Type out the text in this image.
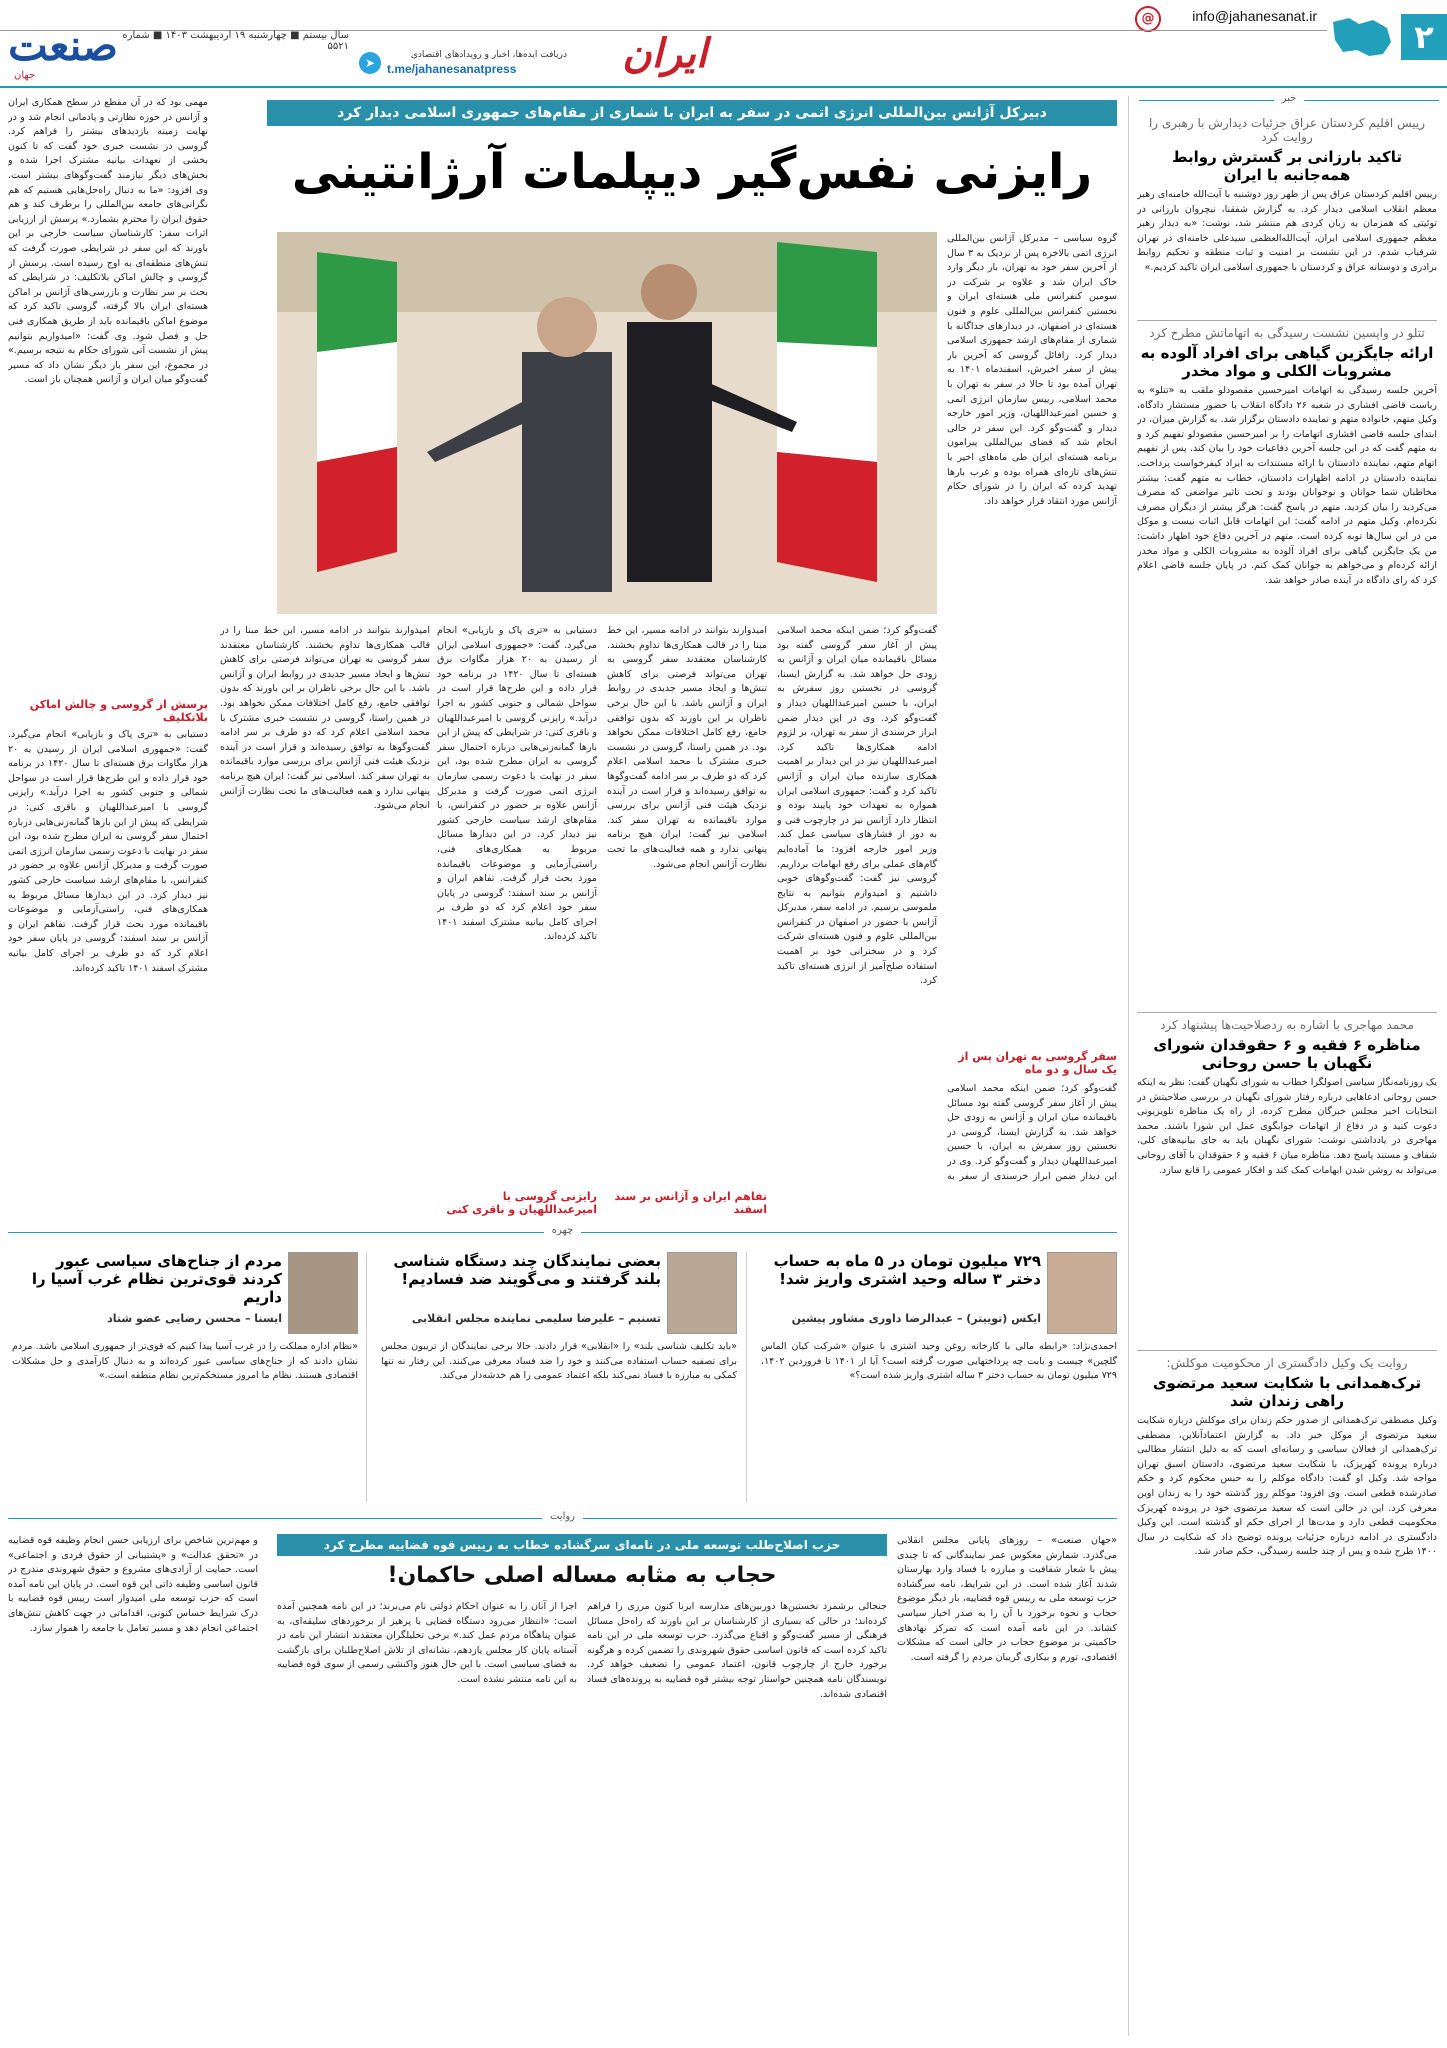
۲
@	info@jahanesanat.ir
ایران
دریافت ایده‌ها، اخبار و رویدادهای اقتصادی
t.me/jahanesanatpress
➤
سال بیستم ■ چهارشنبه ۱۹ اردیبهشت ۱۴۰۳ ■ شماره ۵۵۲۱
صنعت
جهان
خبر
رییس اقلیم کردستان عراق جزئیات دیدارش با رهبری را روایت کرد
تاکید بارزانی بر گسترش روابط همه‌جانبه با ایران
رییس اقلیم کردستان عراق پس از ظهر روز دوشنبه با آیت‌الله خامنه‌ای رهبر معظم انقلاب اسلامی دیدار کرد. به گزارش شفقنا، نیچروان بارزانی در توئیتی که همزمان به زبان کردی هم منتشر شد، نوشت: «به دیدار رهبر معظم جمهوری اسلامی ایران، آیت‌الله‌العظمی سیدعلی خامنه‌ای در تهران شرفیاب شدم. در این نشست بر امنیت و ثبات منطقه و تحکیم روابط برادری و دوستانه عراق و کردستان با جمهوری اسلامی ایران تاکید کردیم.»
تتلو در واپسین نشست رسیدگی به اتهاماتش مطرح کرد
ارائه جایگزین گیاهی برای افراد آلوده به مشروبات الکلی و مواد مخدر
آخرین جلسه رسیدگی به اتهامات امیرحسین مقصودلو ملقب به «تتلو» به ریاست قاضی افشاری در شعبه ۲۶ دادگاه انقلاب با حضور مستشار دادگاه، وکیل متهم، خانواده متهم و نماینده دادستان برگزار شد. به گزارش میزان، در ابتدای جلسه قاضی افشاری اتهامات را بر امیرحسین مقصودلو تفهیم کرد و به متهم گفت که در این جلسه آخرین دفاعیات خود را بیان کند. پس از تفهیم اتهام متهم، نماینده دادستان با ارائه مستندات به ایراد کیفرخواست پرداخت. نماینده دادستان در ادامه اظهارات دادستان، خطاب به متهم گفت: بیشتر مخاطبان شما جوانان و نوجوانان بودند و تحت تاثیر مواضعی که مصرف می‌کردید را بیان کردید. متهم در پاسخ گفت: هرگز بیشتر از دیگران مصرف نکرده‌ام. وکیل متهم در ادامه گفت: این اتهامات قابل اثبات نیست و موکل من در این سال‌ها توبه کرده است. متهم در آخرین دفاع خود اظهار داشت: من یک جایگزین گیاهی برای افراد آلوده به مشروبات الکلی و مواد مخدر ارائه کرده‌ام و می‌خواهم به جوانان کمک کنم. در پایان جلسه قاضی اعلام کرد که رای دادگاه در آینده صادر خواهد شد.
محمد مهاجری با اشاره به ردصلاحیت‌ها پیشنهاد کرد
مناظره ۶ فقیه و ۶ حقوقدان شورای نگهبان با حسن روحانی
یک روزنامه‌نگار سیاسی اصولگرا خطاب به شورای نگهبان گفت: نظر به اینکه حسن روحانی ادعاهایی درباره رفتار شورای نگهبان در بررسی صلاحیتش در انتخابات اخیر مجلس خبرگان مطرح کرده، از راه یک مناظره تلویزیونی دعوت کنید و در دفاع از اتهامات جوابگوی عمل این شورا باشند. محمد مهاجری در یادداشتی نوشت: شورای نگهبان باید به جای بیانیه‌های کلی، شفاف و مستند پاسخ دهد. مناظره میان ۶ فقیه و ۶ حقوقدان با آقای روحانی می‌تواند به روشن شدن ابهامات کمک کند و افکار عمومی را قانع سازد.
روایت یک وکیل دادگستری از محکومیت موکلش:
ترک‌همدانی با شکایت سعید مرتضوی راهی زندان شد
وکیل مصطفی ترک‌همدانی از صدور حکم زندان برای موکلش درباره شکایت سعید مرتضوی از موکل خبر داد. به گزارش اعتمادآنلاین، مصطفی ترک‌همدانی از فعالان سیاسی و رسانه‌ای است که به دلیل انتشار مطالبی درباره پرونده کهریزک، با شکایت سعید مرتضوی، دادستان اسبق تهران مواجه شد. وکیل او گفت: دادگاه موکلم را به حبس محکوم کرد و حکم صادرشده قطعی است. وی افزود: موکلم روز گذشته خود را به زندان اوین معرفی کرد. این در حالی است که سعید مرتضوی خود در پرونده کهریزک محکومیت قطعی دارد و مدت‌ها از اجرای حکم او گذشته است. این وکیل دادگستری در ادامه درباره جزئیات پرونده توضیح داد که شکایت در سال ۱۴۰۰ طرح شده و پس از چند جلسه رسیدگی، حکم صادر شد.
دبیرکل آژانس بین‌المللی انرژی اتمی در سفر به ایران با شماری از مقام‌های جمهوری اسلامی دیدار کرد
رایزنی نفس‌گیر دیپلمات آرژانتینی
گروه سیاسی – مدیرکل آژانس بین‌المللی انرژی اتمی بالاخره پس از نزدیک به ۳ سال از آخرین سفر خود به تهران، بار دیگر وارد خاک ایران شد و علاوه بر شرکت در سومین کنفرانس ملی هسته‌ای ایران و نخستین کنفرانس بین‌المللی علوم و فنون هسته‌ای در اصفهان، در دیدارهای جداگانه با شماری از مقام‌های ارشد جمهوری اسلامی دیدار کرد. رافائل گروسی که آخرین بار پیش از سفر اخیرش، اسفندماه ۱۴۰۱ به تهران آمده بود تا حالا در سفر به تهران با محمد اسلامی، رییس سازمان انرژی اتمی و حسین امیرعبداللهیان، وزیر امور خارجه دیدار و گفت‌وگو کرد. این سفر در حالی انجام شد که فضای بین‌المللی پیرامون برنامه هسته‌ای ایران طی ماه‌های اخیر با تنش‌های تازه‌ای همراه بوده و غرب بارها تهدید کرده که ایران را در شورای حکام آژانس مورد انتقاد قرار خواهد داد.
گفت‌وگو کرد؛ ضمن اینکه محمد اسلامی پیش از آغاز سفر گروسی گفته بود مسائل باقیمانده میان ایران و آژانس به زودی حل خواهد شد. به گزارش ایسنا، گروسی در نخستین روز سفرش به ایران، با حسین امیرعبداللهیان دیدار و گفت‌وگو کرد. وی در این دیدار ضمن ابراز خرسندی از سفر به تهران، بر لزوم ادامه همکاری‌ها تاکید کرد. امیرعبداللهیان نیز در این دیدار بر اهمیت همکاری سازنده میان ایران و آژانس تاکید کرد و گفت: جمهوری اسلامی ایران همواره به تعهدات خود پایبند بوده و انتظار دارد آژانس نیز در چارچوب فنی و به دور از فشارهای سیاسی عمل کند. وزیر امور خارجه افزود: ما آماده‌ایم گام‌های عملی برای رفع ابهامات برداریم. گروسی نیز گفت: گفت‌وگوهای خوبی داشتیم و امیدوارم بتوانیم به نتایج ملموسی برسیم. در ادامه سفر، مدیرکل آژانس با حضور در اصفهان در کنفرانس بین‌المللی علوم و فنون هسته‌ای شرکت کرد و در سخنرانی خود بر اهمیت استفاده صلح‌آمیز از انرژی هسته‌ای تاکید کرد.
امیدوارند بتوانند در ادامه مسیر، این خط مبنا را در قالب همکاری‌ها تداوم بخشند. کارشناسان معتقدند سفر گروسی به تهران می‌تواند فرصتی برای کاهش تنش‌ها و ایجاد مسیر جدیدی در روابط ایران و آژانس باشد. با این حال برخی ناظران بر این باورند که بدون توافقی جامع، رفع کامل اختلافات ممکن نخواهد بود. در همین راستا، گروسی در نشست خبری مشترک با محمد اسلامی اعلام کرد که دو طرف بر سر ادامه گفت‌وگوها به توافق رسیده‌اند و قرار است در آینده نزدیک هیئت فنی آژانس برای بررسی موارد باقیمانده به تهران سفر کند. اسلامی نیز گفت: ایران هیچ برنامه پنهانی ندارد و همه فعالیت‌های ما تحت نظارت آژانس انجام می‌شود.
دستیابی به «تری پاک و بازیابی» انجام می‌گیرد. گفت: «جمهوری اسلامی ایران از رسیدن به ۲۰ هزار مگاوات برق هسته‌ای تا سال ۱۴۲۰ در برنامه خود قرار داده و این طرح‌ها قرار است در سواحل شمالی و جنوبی کشور به اجرا درآید.» رایزنی گروسی با امیرعبداللهیان و باقری کنی: در شرایطی که پیش از این بارها گمانه‌زنی‌هایی درباره احتمال سفر گروسی به ایران مطرح شده بود، این سفر در نهایت با دعوت رسمی سازمان انرژی اتمی صورت گرفت و مدیرکل آژانس علاوه بر حضور در کنفرانس، با مقام‌های ارشد سیاست خارجی کشور نیز دیدار کرد. در این دیدارها مسائل مربوط به همکاری‌های فنی، راستی‌آزمایی و موضوعات باقیمانده مورد بحث قرار گرفت. تفاهم ایران و آژانس بر سند اسفند: گروسی در پایان سفر خود اعلام کرد که دو طرف بر اجرای کامل بیانیه مشترک اسفند ۱۴۰۱ تاکید کرده‌اند.
سفر گروسی به تهران پس از یک سال و دو ماه
گفت‌وگو کرد؛ ضمن اینکه محمد اسلامی پیش از آغاز سفر گروسی گفته بود مسائل باقیمانده میان ایران و آژانس به زودی حل خواهد شد. به گزارش ایسنا، گروسی در نخستین روز سفرش به ایران، با حسین امیرعبداللهیان دیدار و گفت‌وگو کرد. وی در این دیدار ضمن ابراز خرسندی از سفر به
رایزنی گروسی با امیرعبداللهیان و باقری کنی
تفاهم ایران و آژانس بر سند اسفند
مهمی بود که در آن مقطع در سطح همکاری ایران و آژانس در حوزه نظارتی و پادمانی انجام شد و در نهایت زمینه بازدیدهای بیشتر را فراهم کرد. گروسی در نشست خبری خود گفت که تا کنون بخشی از تعهدات بیانیه مشترک اجرا شده و بخش‌های دیگر نیازمند گفت‌وگوهای بیشتر است. وی افزود: «ما به دنبال راه‌حل‌هایی هستیم که هم نگرانی‌های جامعه بین‌المللی را برطرف کند و هم حقوق ایران را محترم بشمارد.» پرسش از ارزیابی اثرات سفر: کارشناسان سیاست خارجی بر این باورند که این سفر در شرایطی صورت گرفت که تنش‌های منطقه‌ای به اوج رسیده است. پرسش از گروسی و چالش اماکن بلاتکلیف: در شرایطی که بحث بر سر نظارت و بازرسی‌های آژانس بر اماکن هسته‌ای ایران بالا گرفته، گروسی تاکید کرد که موضوع اماکن باقیمانده باید از طریق همکاری فنی حل و فصل شود. وی گفت: «امیدواریم بتوانیم پیش از نشست آتی شورای حکام به نتیجه برسیم.» در مجموع، این سفر بار دیگر نشان داد که مسیر گفت‌وگو میان ایران و آژانس همچنان باز است.
پرسش از گروسی و چالش اماکن بلاتکلیف
دستیابی به «تری پاک و بازیابی» انجام می‌گیرد. گفت: «جمهوری اسلامی ایران از رسیدن به ۲۰ هزار مگاوات برق هسته‌ای تا سال ۱۴۲۰ در برنامه خود قرار داده و این طرح‌ها قرار است در سواحل شمالی و جنوبی کشور به اجرا درآید.» رایزنی گروسی با امیرعبداللهیان و باقری کنی: در شرایطی که پیش از این بارها گمانه‌زنی‌هایی درباره احتمال سفر گروسی به ایران مطرح شده بود، این سفر در نهایت با دعوت رسمی سازمان انرژی اتمی صورت گرفت و مدیرکل آژانس علاوه بر حضور در کنفرانس، با مقام‌های ارشد سیاست خارجی کشور نیز دیدار کرد. در این دیدارها مسائل مربوط به همکاری‌های فنی، راستی‌آزمایی و موضوعات باقیمانده مورد بحث قرار گرفت. تفاهم ایران و آژانس بر سند اسفند: گروسی در پایان سفر خود اعلام کرد که دو طرف بر اجرای کامل بیانیه مشترک اسفند ۱۴۰۱ تاکید کرده‌اند.
امیدوارند بتوانند در ادامه مسیر، این خط مبنا را در قالب همکاری‌ها تداوم بخشند. کارشناسان معتقدند سفر گروسی به تهران می‌تواند فرصتی برای کاهش تنش‌ها و ایجاد مسیر جدیدی در روابط ایران و آژانس باشد. با این حال برخی ناظران بر این باورند که بدون توافقی جامع، رفع کامل اختلافات ممکن نخواهد بود. در همین راستا، گروسی در نشست خبری مشترک با محمد اسلامی اعلام کرد که دو طرف بر سر ادامه گفت‌وگوها به توافق رسیده‌اند و قرار است در آینده نزدیک هیئت فنی آژانس برای بررسی موارد باقیمانده به تهران سفر کند. اسلامی نیز گفت: ایران هیچ برنامه پنهانی ندارد و همه فعالیت‌های ما تحت نظارت آژانس انجام می‌شود.
چهره
۷۲۹ میلیون تومان در ۵ ماه به حساب دختر ۳ ساله وحید اشتری واریز شد!
ایکس (توییتر) – عبدالرضا داوری مشاور پیشین
احمدی‌نژاد: «رابطه مالی با کارخانه روغن وحید اشتری با عنوان «شرکت کیان الماس گلچین» چیست و بابت چه پرداختهایی صورت گرفته است؟ آیا از ۱۴۰۱ تا فروردین ۱۴۰۲، ۷۲۹ میلیون تومان به حساب دختر ۳ ساله اشتری واریز شده است؟»
بعضی نمایندگان چند دستگاه شناسی بلند گرفتند و می‌گویند ضد فسادیم!
تسنیم – علیرضا سلیمی نماینده مجلس انقلابی
«باید تکلیف شناسی بلند» را «انقلابی» قرار دادند. حالا برخی نمایندگان از تریبون مجلس برای تصفیه حساب استفاده می‌کنند و خود را ضد فساد معرفی می‌کنند. این رفتار نه تنها کمکی به مبارزه با فساد نمی‌کند بلکه اعتماد عمومی را هم خدشه‌دار می‌کند.
مردم از جناح‌های سیاسی عبور کردند قوی‌ترین نظام غرب آسیا را داریم
ایسنا – محسن رضایی عضو شتاد
«نظام اداره مملکت را در غرب آسیا پیدا کنیم که قوی‌تر از جمهوری اسلامی باشد. مردم نشان دادند که از جناح‌های سیاسی عبور کرده‌اند و به دنبال کارآمدی و حل مشکلات اقتصادی هستند. نظام ما امروز مستحکم‌ترین نظام منطقه است.»
روایت
حزب اصلاح‌طلب توسعه ملی در نامه‌ای سرگشاده خطاب به رییس قوه قضاییه مطرح کرد
حجاب به مثابه مساله اصلی حاکمان!
«جهان صنعت» – روزهای پایانی مجلس انقلابی می‌گذرد. شمارش معکوس عمر نمایندگانی که تا چندی پیش با شعار شفافیت و مبارزه با فساد وارد بهارستان شدند آغاز شده است. در این شرایط، نامه سرگشاده حزب توسعه ملی به رییس قوه قضاییه، بار دیگر موضوع حجاب و نحوه برخورد با آن را به صدر اخبار سیاسی کشاند. در این نامه آمده است که تمرکز نهادهای حاکمیتی بر موضوع حجاب در حالی است که مشکلات اقتصادی، تورم و بیکاری گریبان مردم را گرفته است.
جنجالی برشمرد نخستین‌ها دوربین‌های مدارسه ایرنا کنون مرزی را فراهم کرده‌اند؛ در حالی که بسیاری از کارشناسان بر این باورند که راه‌حل مسائل فرهنگی از مسیر گفت‌وگو و اقناع می‌گذرد. حزب توسعه ملی در این نامه تاکید کرده است که قانون اساسی حقوق شهروندی را تضمین کرده و هرگونه برخورد خارج از چارچوب قانون، اعتماد عمومی را تضعیف خواهد کرد. نویسندگان نامه همچنین خواستار توجه بیشتر قوه قضاییه به پرونده‌های فساد اقتصادی شده‌اند.
اجرا از آنان را به عنوان احکام دولتی نام می‌برند؛ در این نامه همچنین آمده است: «انتظار می‌رود دستگاه قضایی با پرهیز از برخوردهای سلیقه‌ای، به عنوان پناهگاه مردم عمل کند.» برخی تحلیلگران معتقدند انتشار این نامه در آستانه پایان کار مجلس یازدهم، نشانه‌ای از تلاش اصلاح‌طلبان برای بازگشت به فضای سیاسی است. با این حال هنوز واکنشی رسمی از سوی قوه قضاییه به این نامه منتشر نشده است.
و مهم‌ترین شاخص برای ارزیابی حسن انجام وظیفه قوه قضاییه در «تحقق عدالت» و «پشتیبانی از حقوق فردی و اجتماعی» است. حمایت از آزادی‌های مشروع و حقوق شهروندی مندرج در قانون اساسی وظیفه ذاتی این قوه است. در پایان این نامه آمده است که حزب توسعه ملی امیدوار است رییس قوه قضاییه با درک شرایط حساس کنونی، اقداماتی در جهت کاهش تنش‌های اجتماعی انجام دهد و مسیر تعامل با جامعه را هموار سازد.
